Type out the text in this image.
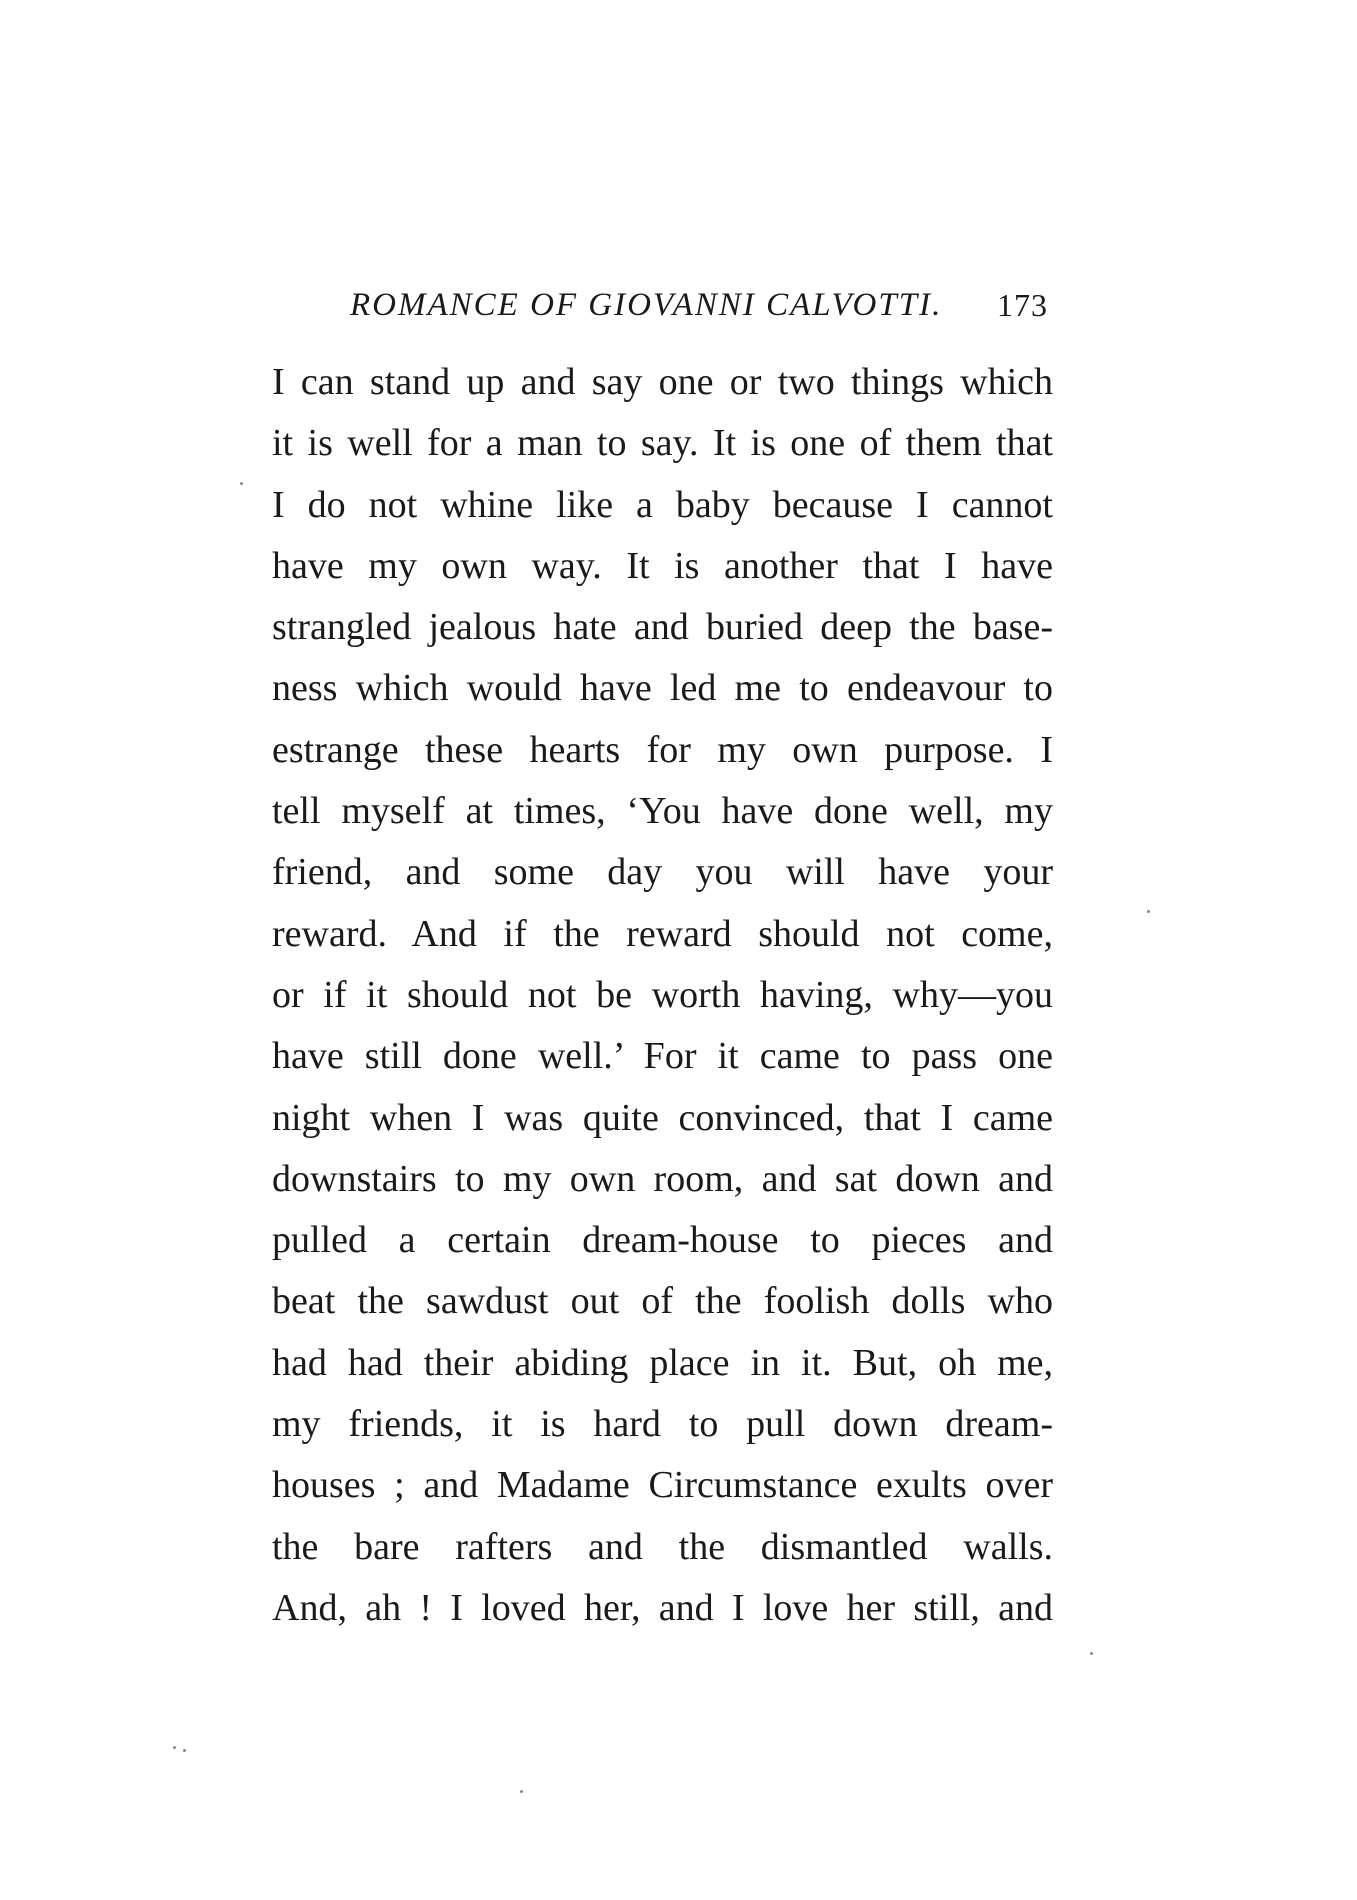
ROMANCE OF GIOVANNI CALVOTTI.	173
I can stand up and say one or two things which
it is well for a man to say. It is one of them that
I do not whine like a baby because I cannot
have my own way. It is another that I have
strangled jealous hate and buried deep the base-
ness which would have led me to endeavour to
estrange these hearts for my own purpose. I
tell myself at times, ‘You have done well, my
friend, and some day you will have your
reward. And if the reward should not come,
or if it should not be worth having, why—you
have still done well.’ For it came to pass one
night when I was quite convinced, that I came
downstairs to my own room, and sat down and
pulled a certain dream-house to pieces and
beat the sawdust out of the foolish dolls who
had had their abiding place in it. But, oh me,
my friends, it is hard to pull down dream-
houses ; and Madame Circumstance exults over
the bare rafters and the dismantled walls.
And, ah ! I loved her, and I love her still, and
